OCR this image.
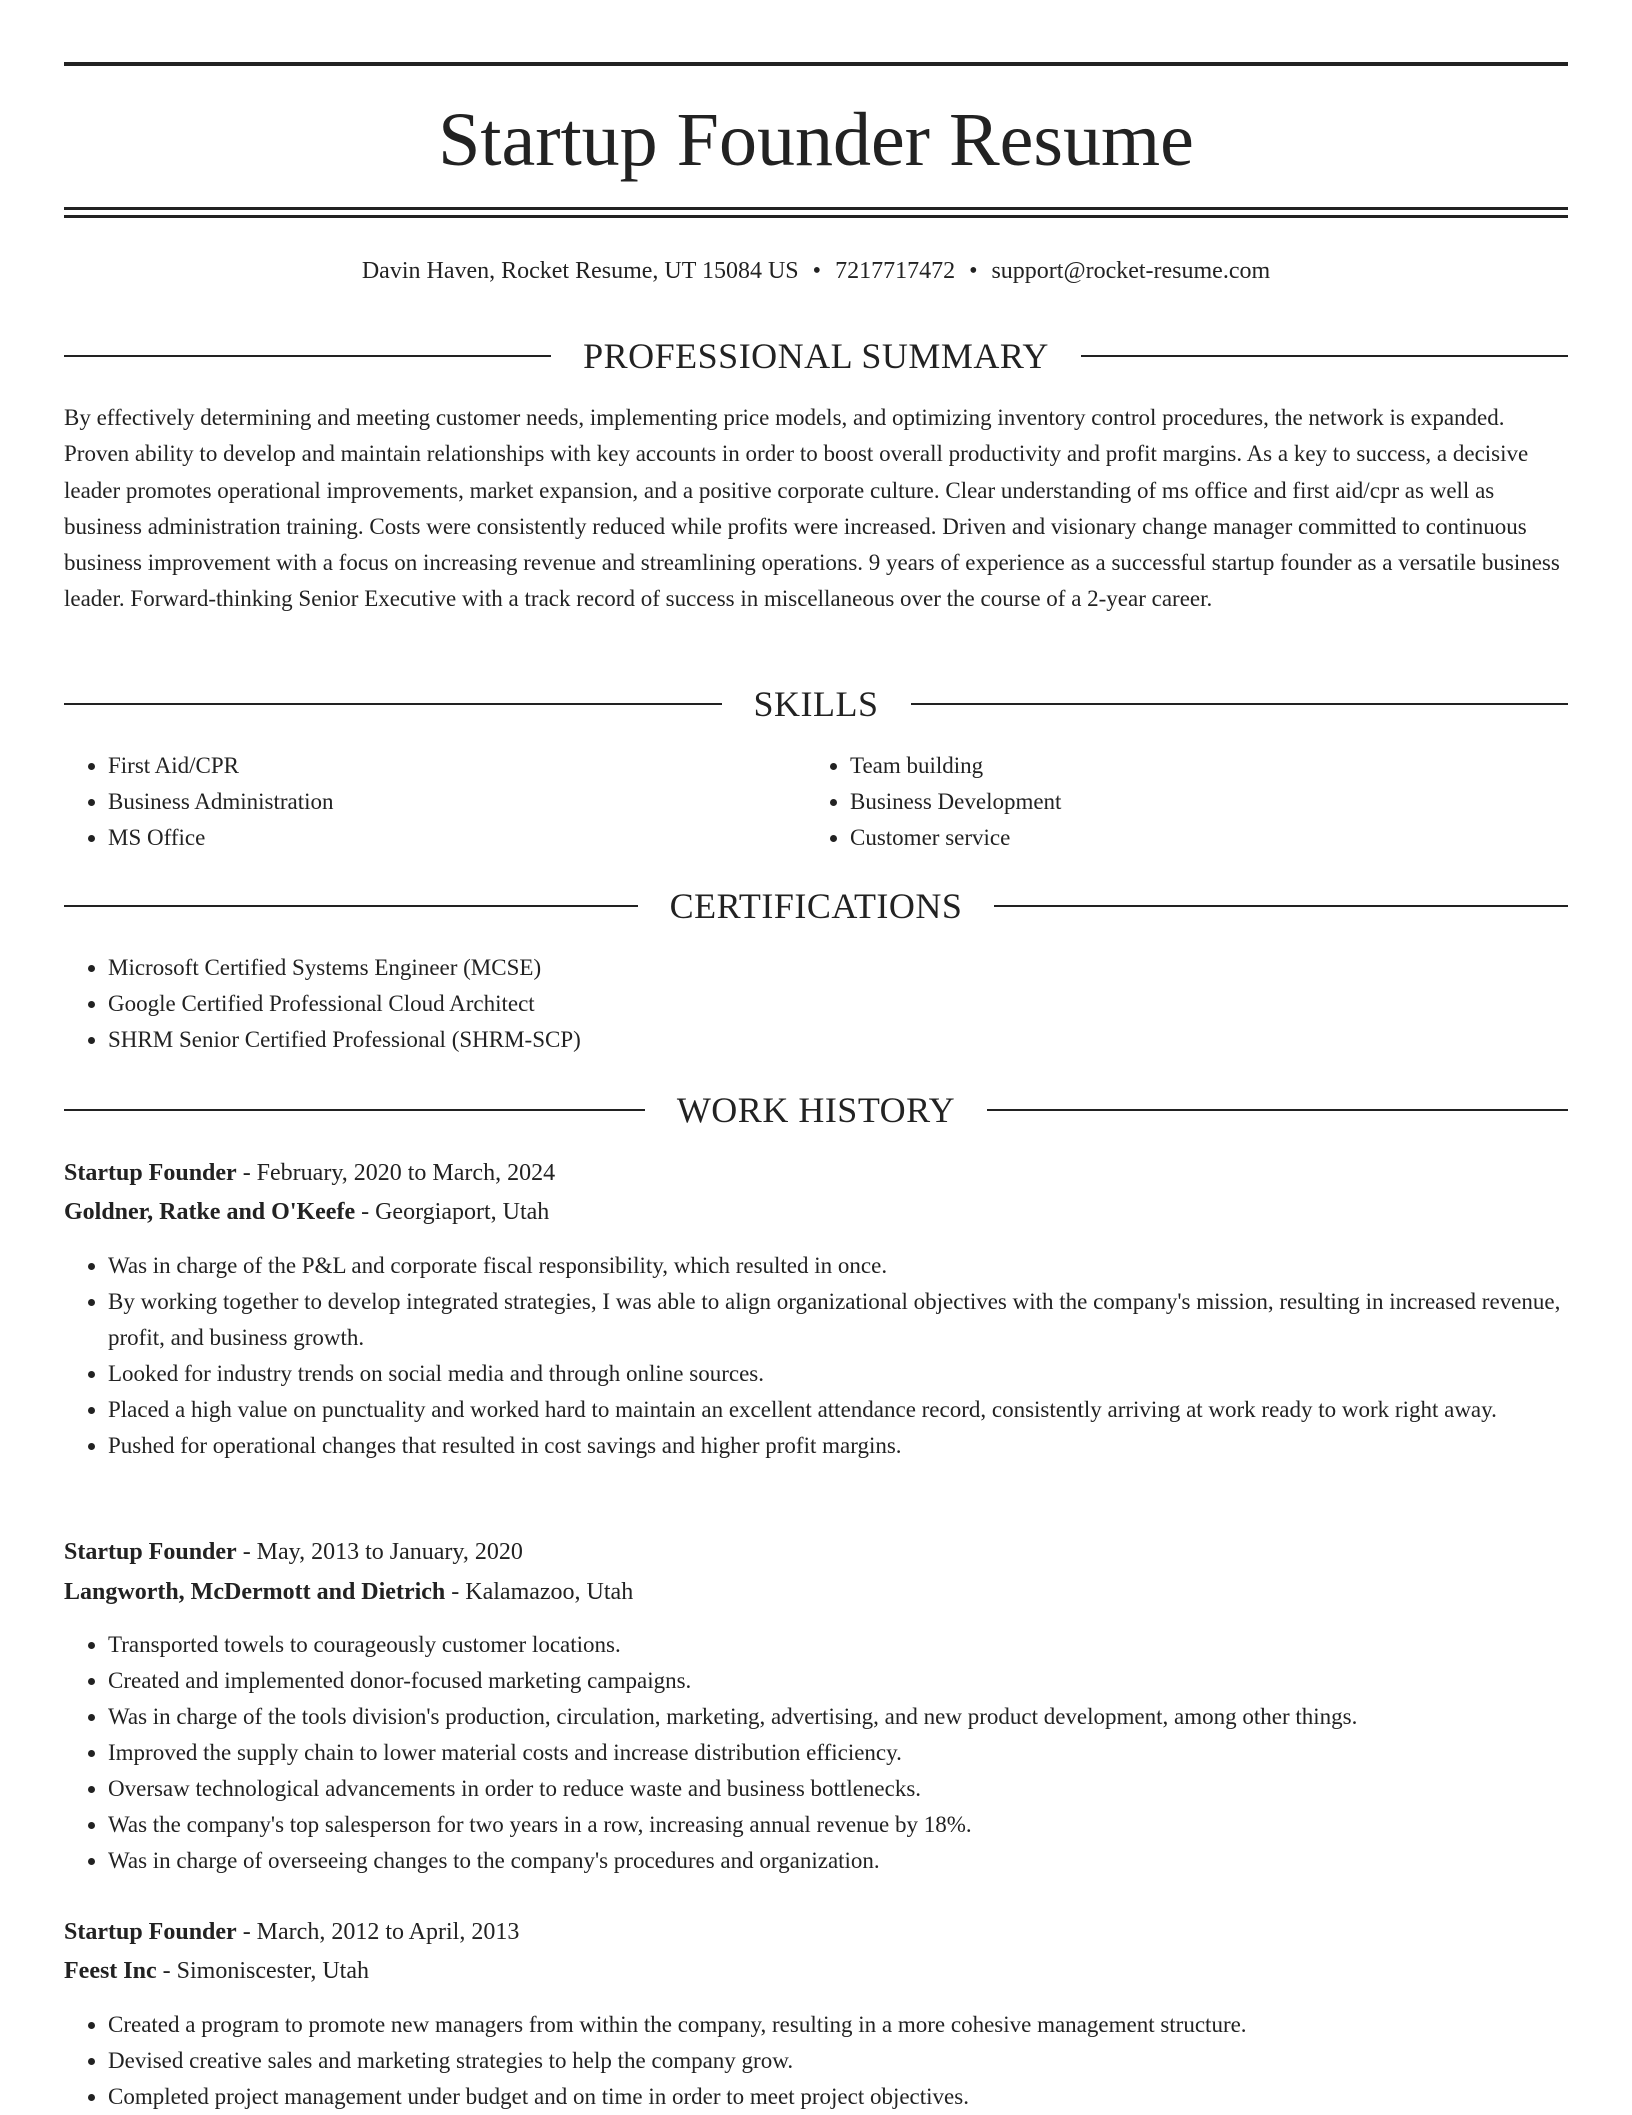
Startup Founder Resume
Davin Haven, Rocket Resume, UT 15084 US • 7217717472 • support@rocket-resume.com
PROFESSIONAL SUMMARY

By effectively determining and meeting customer needs, implementing price models, and optimizing inventory control procedures, the network is expanded. Proven ability to develop and maintain relationships with key accounts in order to boost overall productivity and profit margins. As a key to success, a decisive leader promotes operational improvements, market expansion, and a positive corporate culture. Clear understanding of ms office and first aid/cpr as well as business administration training. Costs were consistently reduced while profits were increased. Driven and visionary change manager committed to continuous business improvement with a focus on increasing revenue and streamlining operations. 9 years of experience as a successful startup founder as a versatile business leader. Forward-thinking Senior Executive with a track record of success in miscellaneous over the course of a 2-year career.

SKILLS
• First Aid/CPR
• Business Administration
• MS Office
• Team building
• Business Development
• Customer service
CERTIFICATIONS
• Microsoft Certified Systems Engineer (MCSE)
• Google Certified Professional Cloud Architect
• SHRM Senior Certified Professional (SHRM-SCP)
WORK HISTORY
Startup Founder - February, 2020 to March, 2024
Goldner, Ratke and O'Keefe - Georgiaport, Utah
• Was in charge of the P&L and corporate fiscal responsibility, which resulted in once.
• By working together to develop integrated strategies, I was able to align organizational objectives with the company's mission, resulting in increased revenue, profit, and business growth.
• Looked for industry trends on social media and through online sources.
• Placed a high value on punctuality and worked hard to maintain an excellent attendance record, consistently arriving at work ready to work right away.
• Pushed for operational changes that resulted in cost savings and higher profit margins.
Startup Founder - May, 2013 to January, 2020
Langworth, McDermott and Dietrich - Kalamazoo, Utah
• Transported towels to courageously customer locations.
• Created and implemented donor-focused marketing campaigns.
• Was in charge of the tools division's production, circulation, marketing, advertising, and new product development, among other things.
• Improved the supply chain to lower material costs and increase distribution efficiency.
• Oversaw technological advancements in order to reduce waste and business bottlenecks.
• Was the company's top salesperson for two years in a row, increasing annual revenue by 18%.
• Was in charge of overseeing changes to the company's procedures and organization.
Startup Founder - March, 2012 to April, 2013
Feest Inc - Simoniscester, Utah
• Created a program to promote new managers from within the company, resulting in a more cohesive management structure.
• Devised creative sales and marketing strategies to help the company grow.
• Completed project management under budget and on time in order to meet project objectives.
